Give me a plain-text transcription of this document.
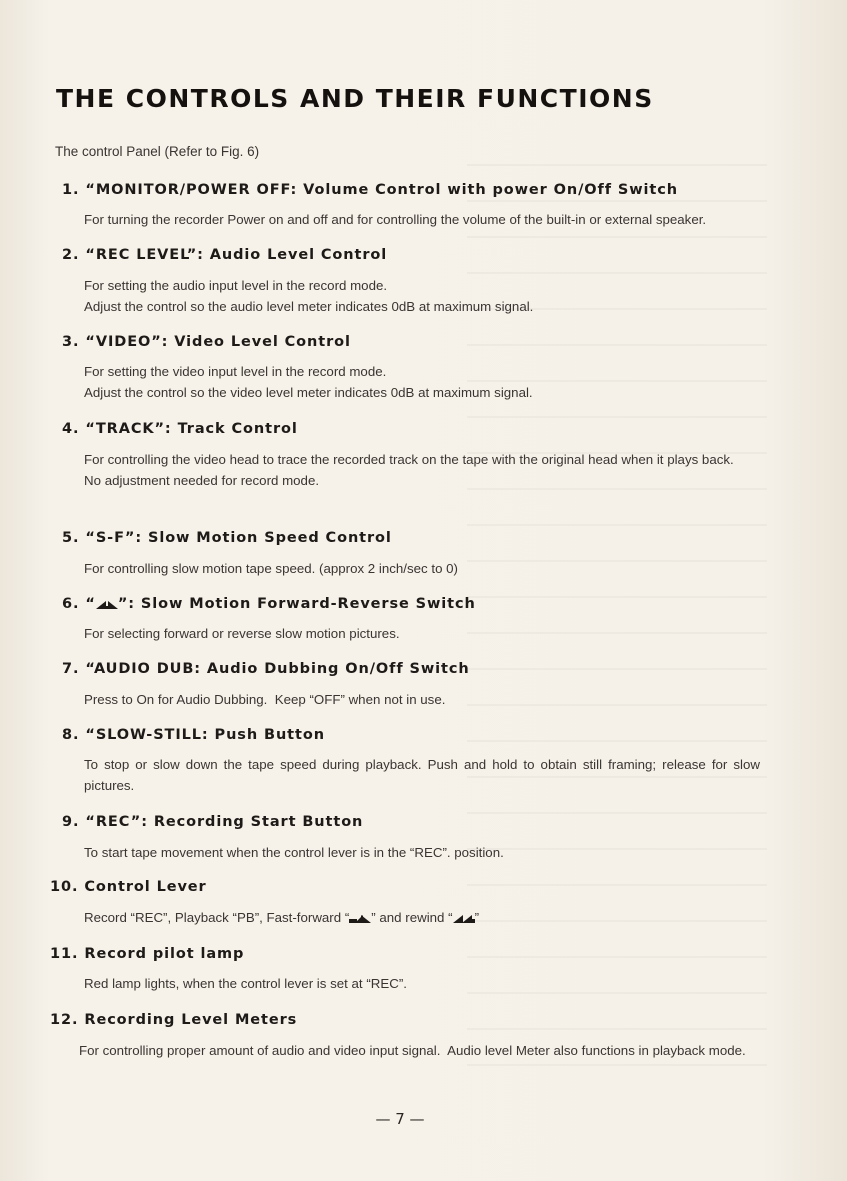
THE CONTROLS AND THEIR FUNCTIONS
The control Panel (Refer to Fig. 6)
1. “MONITOR/POWER OFF: Volume Control with power On/Off Switch

For turning the recorder Power on and off and for controlling the volume of the built-in or external speaker.

2. “REC LEVEL”: Audio Level Control

For setting the audio input level in the record mode.

Adjust the control so the audio level meter indicates 0dB at maximum signal.

3. “VIDEO”: Video Level Control

For setting the video input level in the record mode.

Adjust the control so the video level meter indicates 0dB at maximum signal.

4. “TRACK”: Track Control

For controlling the video head to trace the recorded track on the tape with the original head when it plays back.

No adjustment needed for record mode.

5. “S-F”: Slow Motion Speed Control

For controlling slow motion tape speed. (approx 2 inch/sec to 0)

6. “ ”: Slow Motion Forward-Reverse Switch

For selecting forward or reverse slow motion pictures.

7. “AUDIO DUB: Audio Dubbing On/Off Switch

Press to On for Audio Dubbing.  Keep “OFF” when not in use.

8. “SLOW-STILL: Push Button

To stop or slow down the tape speed during playback. Push and hold to obtain still framing; release for slow pictures.

9. “REC”: Recording Start Button

To start tape movement when the control lever is in the “REC”. position.

10. Control Lever

Record “REC”, Playback “PB”, Fast-forward “ ” and rewind “ ”

11. Record pilot lamp

Red lamp lights, when the control lever is set at “REC”.

12. Recording Level Meters

For controlling proper amount of audio and video input signal.  Audio level Meter also functions in playback mode.

— 7 —
